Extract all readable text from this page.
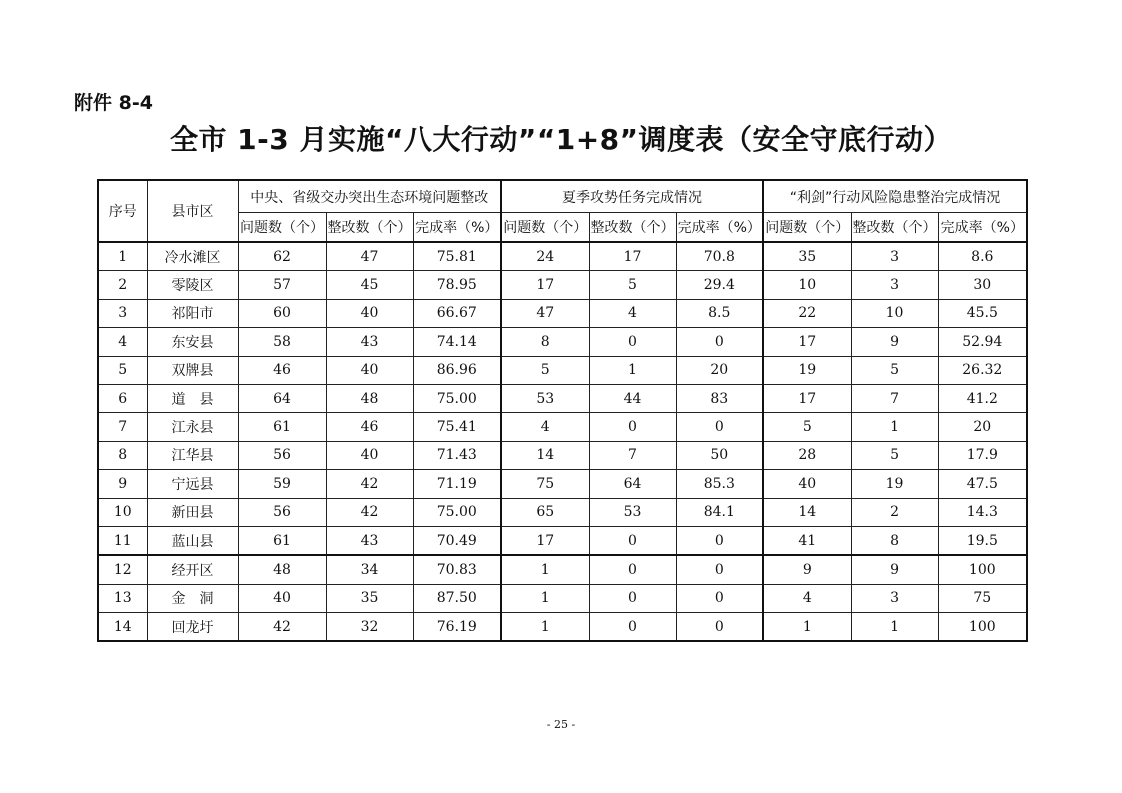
附件 8-4
全市 1-3 月实施“八大行动”“1+8”调度表（安全守底行动）
序号	县市区	中央、省级交办突出生态环境问题整改			夏季攻势任务完成情况			“利剑”行动风险隐患整治完成情况		
		问题数（个）	整改数（个）	完成率（%）	问题数（个）	整改数（个）	完成率（%）	问题数（个）	整改数（个）	完成率（%）
1	冷水滩区	62	47	75.81	24	17	70.8	35	3	8.6
2	零陵区	57	45	78.95	17	5	29.4	10	3	30
3	祁阳市	60	40	66.67	47	4	8.5	22	10	45.5
4	东安县	58	43	74.14	8	0	0	17	9	52.94
5	双牌县	46	40	86.96	5	1	20	19	5	26.32
6	道　县	64	48	75.00	53	44	83	17	7	41.2
7	江永县	61	46	75.41	4	0	0	5	1	20
8	江华县	56	40	71.43	14	7	50	28	5	17.9
9	宁远县	59	42	71.19	75	64	85.3	40	19	47.5
10	新田县	56	42	75.00	65	53	84.1	14	2	14.3
11	蓝山县	61	43	70.49	17	0	0	41	8	19.5
12	经开区	48	34	70.83	1	0	0	9	9	100
13	金　洞	40	35	87.50	1	0	0	4	3	75
14	回龙圩	42	32	76.19	1	0	0	1	1	100
- 25 -
